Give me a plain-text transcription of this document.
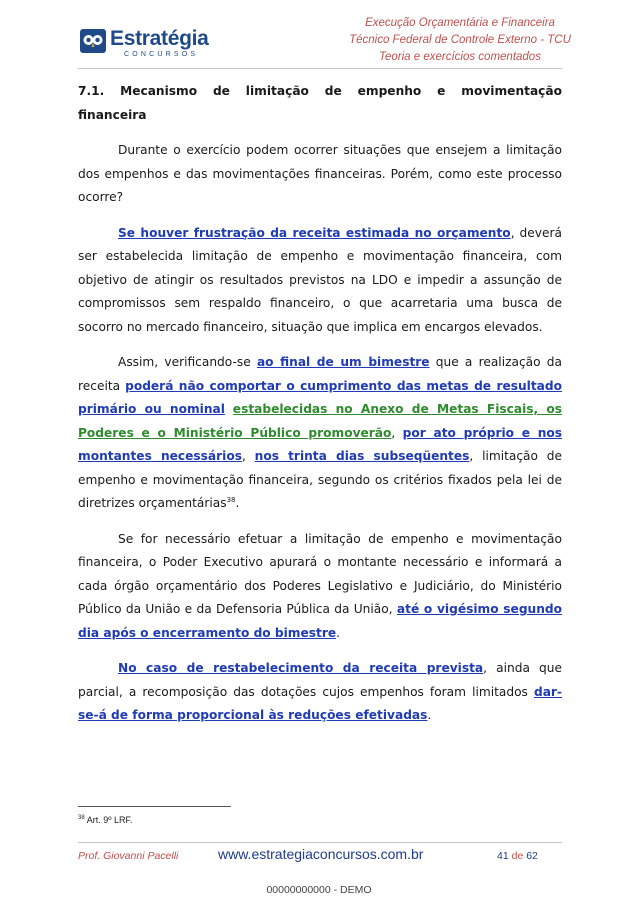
Estratégia
CONCURSOS
Execução Orçamentária e Financeira
Técnico Federal de Controle Externo - TCU
Teoria e exercícios comentados
7.1. Mecanismo de limitação de empenho e movimentação
financeira

Durante o exercício podem ocorrer situações que ensejem a limitação dos empenhos e das movimentações financeiras. Porém, como este processo ocorre?

Se houver frustração da receita estimada no orçamento, deverá ser estabelecida limitação de empenho e movimentação financeira, com objetivo de atingir os resultados previstos na LDO e impedir a assunção de compromissos sem respaldo financeiro, o que acarretaria uma busca de socorro no mercado financeiro, situação que implica em encargos elevados.

Assim, verificando-se ao final de um bimestre que a realização da receita poderá não comportar o cumprimento das metas de resultado primário ou nominal estabelecidas no Anexo de Metas Fiscais, os Poderes e o Ministério Público promoverão, por ato próprio e nos montantes necessários, nos trinta dias subseqüentes, limitação de empenho e movimentação financeira, segundo os critérios fixados pela lei de diretrizes orçamentárias$^{38}$.

Se for necessário efetuar a limitação de empenho e movimentação financeira, o Poder Executivo apurará o montante necessário e informará a cada órgão orçamentário dos Poderes Legislativo e Judiciário, do Ministério Público da União e da Defensoria Pública da União, até o vigésimo segundo dia após o encerramento do bimestre.

No caso de restabelecimento da receita prevista, ainda que parcial, a recomposição das dotações cujos empenhos foram limitados dar-se-á de forma proporcional às reduções efetivadas.

$^{38}$ Art. 9º LRF.
Prof. Giovanni Pacelli	www.estrategiaconcursos.com.br	41 de 62
00000000000 - DEMO
